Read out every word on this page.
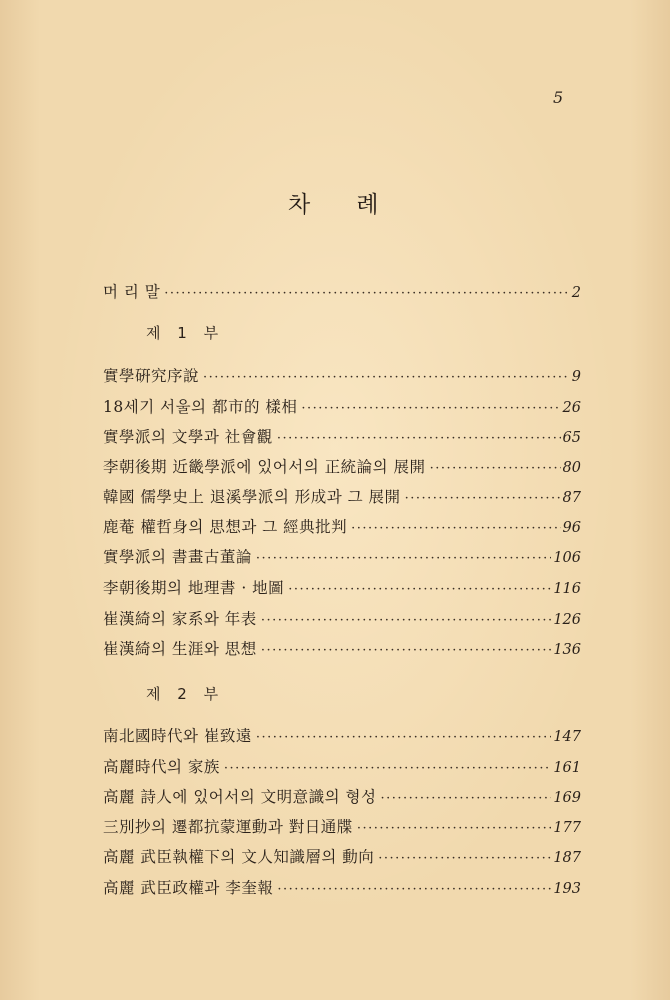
5
차 례
머 리 말 ·····	2
제 1 부
實學硏究序說 ·····	9
18세기 서울의 都市的 樣相 ·····	26
實學派의 文學과 社會觀 ·····	65
李朝後期 近畿學派에 있어서의 正統論의 展開 ·····	80
韓國 儒學史上 退溪學派의 形成과 그 展開 ·····	87
鹿菴 權哲身의 思想과 그 經典批判 ·····	96
實學派의 書畫古董論 ·····	106
李朝後期의 地理書 · 地圖 ·····	116
崔漢綺의 家系와 年表 ·····	126
崔漢綺의 生涯와 思想 ·····	136
제 2 부
南北國時代와 崔致遠 ·····	147
高麗時代의 家族 ·····	161
高麗 詩人에 있어서의 文明意識의 형성 ·····	169
三別抄의 遷都抗蒙運動과 對日通牒 ·····	177
高麗 武臣執權下의 文人知識層의 動向 ·····	187
高麗 武臣政權과 李奎報 ·····	193
